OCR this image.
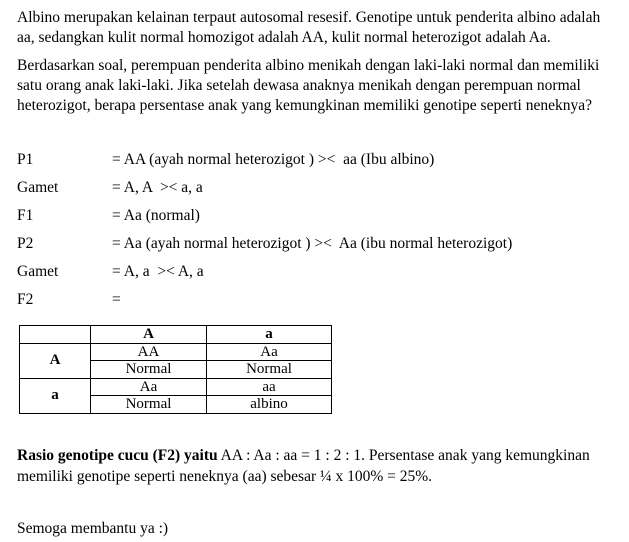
Albino merupakan kelainan terpaut autosomal resesif. Genotipe untuk penderita albino adalah aa, sedangkan kulit normal homozigot adalah AA, kulit normal heterozigot adalah Aa.

Berdasarkan soal, perempuan penderita albino menikah dengan laki-laki normal dan memiliki satu orang anak laki-laki. Jika setelah dewasa anaknya menikah dengan perempuan normal heterozigot, berapa persentase anak yang kemungkinan memiliki genotipe seperti neneknya?

P1	= AA (ayah normal heterozigot ) ><  aa (Ibu albino)
Gamet	= A, A  >< a, a
F1	= Aa (normal)
P2	= Aa (ayah normal heterozigot ) ><  Aa (ibu normal heterozigot)
Gamet	= A, a  >< A, a
F2	=
	A	a
A	AA	Aa
	Normal	Normal
a	Aa	aa
	Normal	albino

Rasio genotipe cucu (F2) yaitu AA : Aa : aa = 1 : 2 : 1. Persentase anak yang kemungkinan memiliki genotipe seperti neneknya (aa) sebesar ¼ x 100% = 25%.

Semoga membantu ya :)
